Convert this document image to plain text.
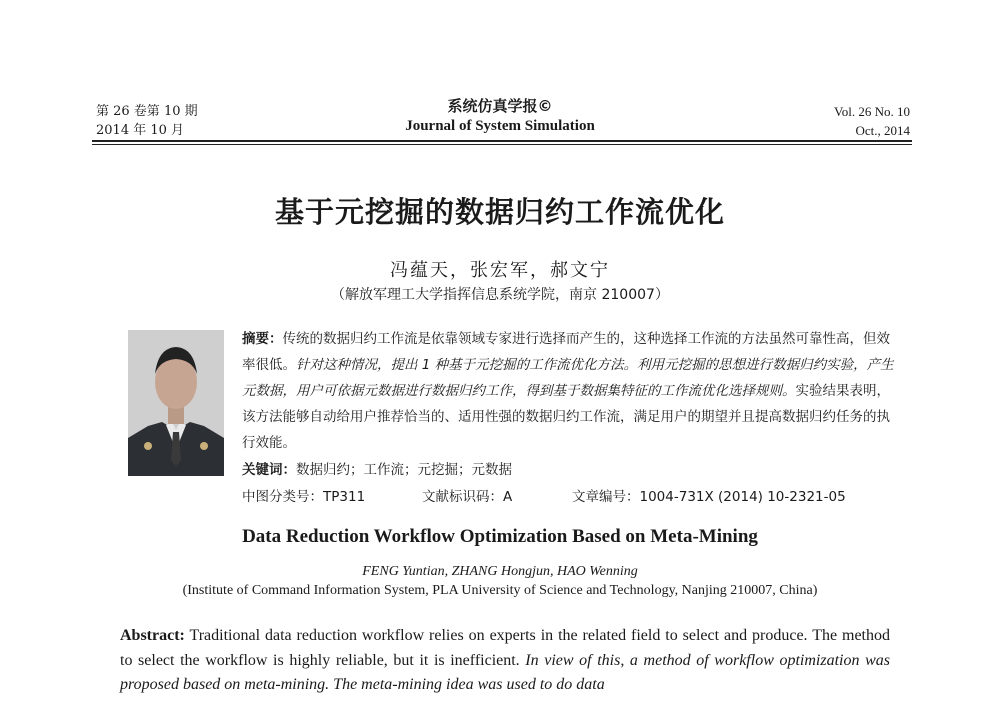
第 26 卷第 10 期
2014 年 10 月
系统仿真学报©
Journal of System Simulation
Vol. 26 No. 10
Oct., 2014
基于元挖掘的数据归约工作流优化
冯蕴天，张宏军，郝文宁
（解放军理工大学指挥信息系统学院，南京 210007）
摘要：传统的数据归约工作流是依靠领域专家进行选择而产生的，这种选择工作流的方法虽然可靠性高，但效率很低。针对这种情况，提出 1 种基于元挖掘的工作流优化方法。利用元挖掘的思想进行数据归约实验，产生元数据，用户可依据元数据进行数据归约工作，得到基于数据集特征的工作流优化选择规则。实验结果表明，该方法能够自动给用户推荐恰当的、适用性强的数据归约工作流，满足用户的期望并且提高数据归约任务的执行效能。
关键词：数据归约；工作流；元挖掘；元数据
中图分类号：TP311	文献标识码：A	文章编号：1004-731X (2014) 10-2321-05
Data Reduction Workflow Optimization Based on Meta-Mining
FENG Yuntian, ZHANG Hongjun, HAO Wenning
(Institute of Command Information System, PLA University of Science and Technology, Nanjing 210007, China)
Abstract: Traditional data reduction workflow relies on experts in the related field to select and produce. The method to select the workflow is highly reliable, but it is inefficient. In view of this, a method of workflow optimization was proposed based on meta-mining. The meta-mining idea was used to do data
